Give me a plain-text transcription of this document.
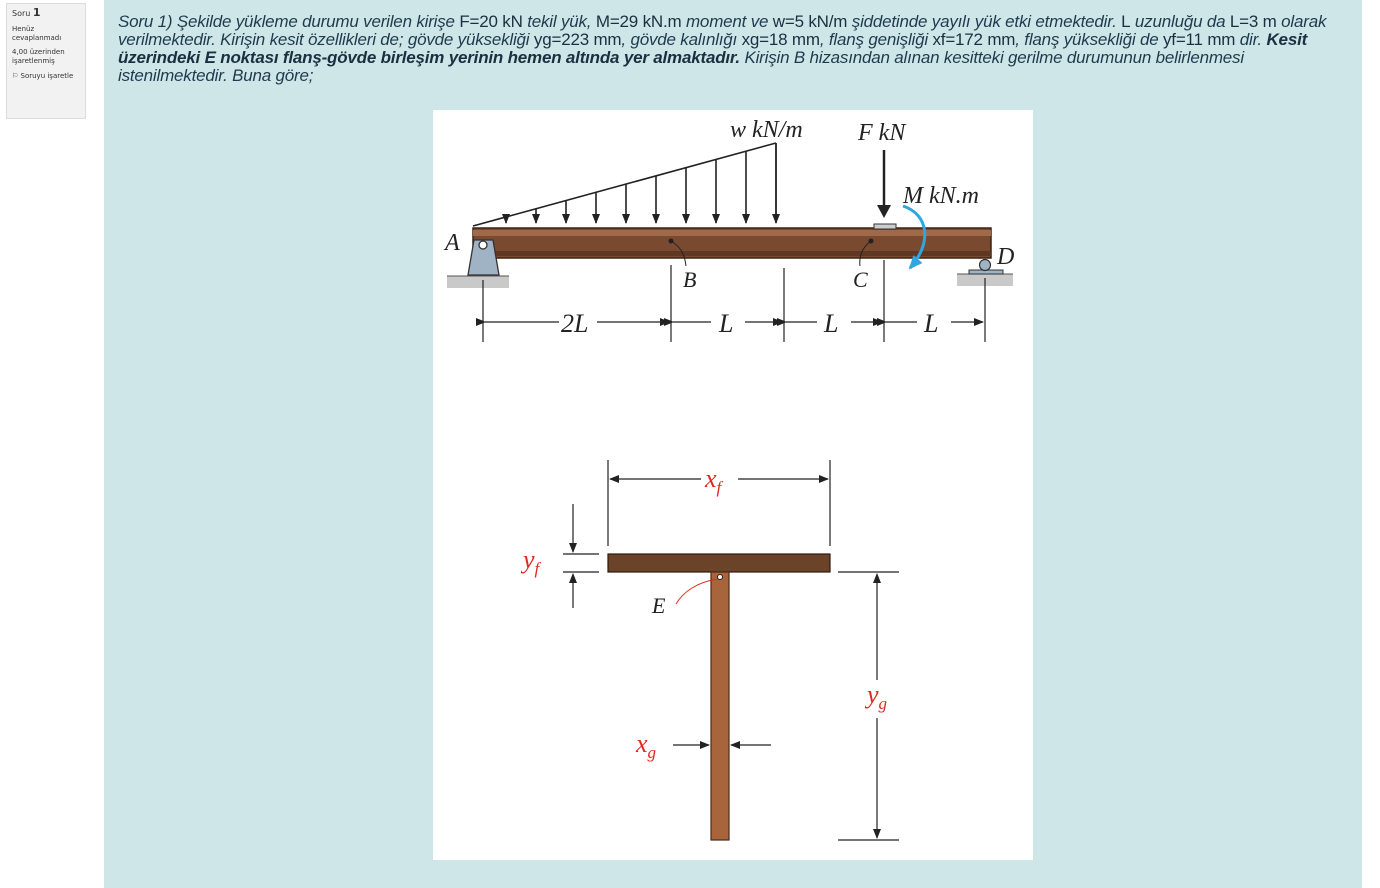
Soru 1
Henüz cevaplanmadı
4,00 üzerinden işaretlenmiş
⚐ Soruyu işaretle

Soru 1) Şekilde yükleme durumu verilen kirişe F=20 kN tekil yük, M=29 kN.m moment ve w=5 kN/m şiddetinde yayılı yük etki etmektedir. L uzunluğu da L=3 m olarak verilmektedir. Kirişin kesit özellikleri de; gövde yüksekliği yg=223 mm, gövde kalınlığı xg=18 mm, flanş genişliği xf=172 mm, flanş yüksekliği de yf=11 mm dir. Kesit üzerindeki E noktası flanş-gövde birleşim yerinin hemen altında yer almaktadır. Kirişin B hizasından alınan kesitteki gerilme durumunun belirlenmesi istenilmektedir. Buna göre;

w kN/m F kN
M kN.m
A
D
B	C
2L	L	L	L
$x_f$
$y_f$
$y_g$
$x_g$
E
